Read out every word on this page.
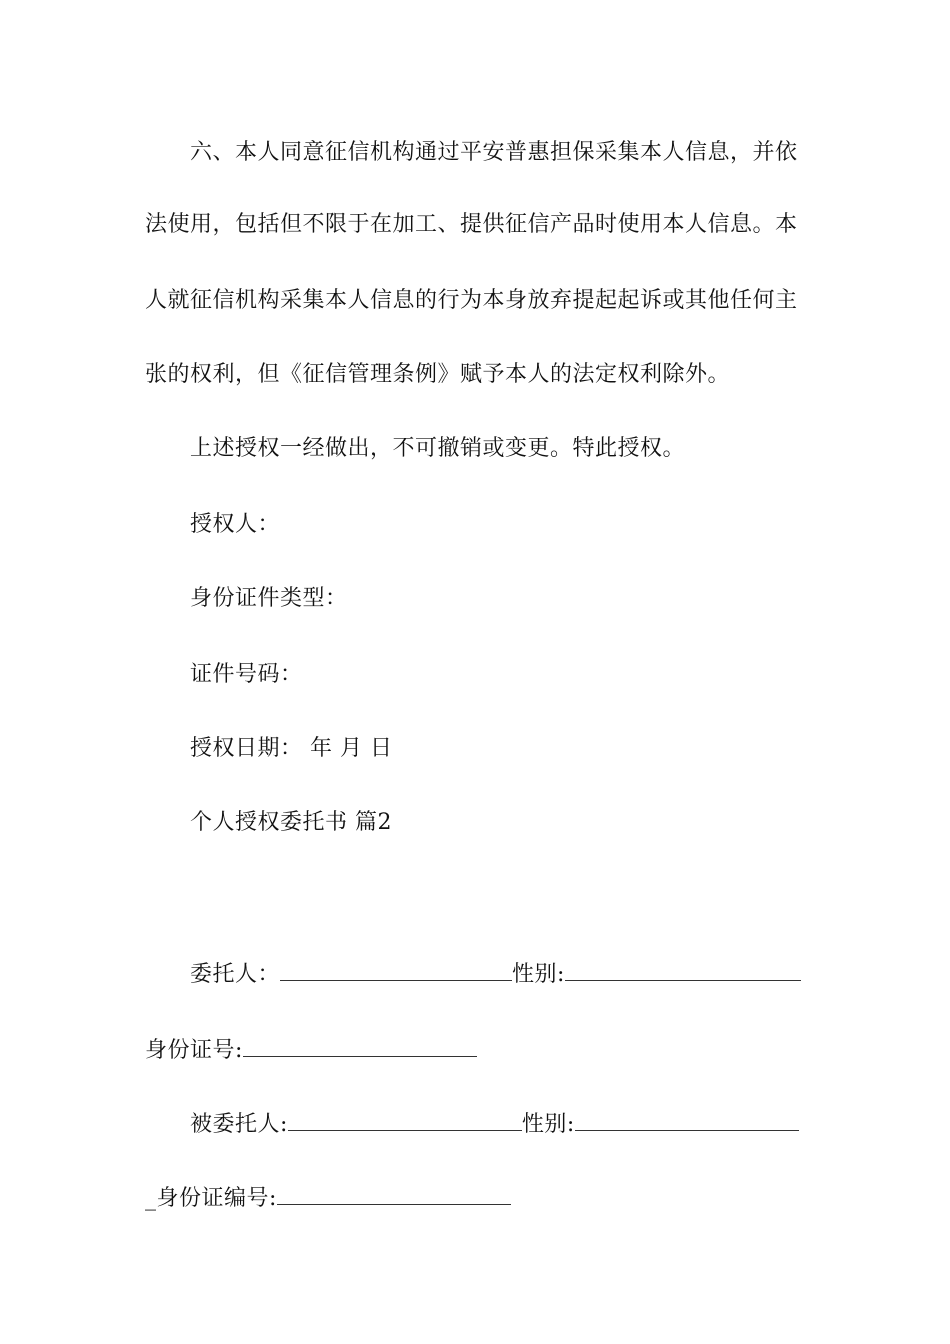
六、本人同意征信机构通过平安普惠担保采集本人信息，并依
法使用，包括但不限于在加工、提供征信产品时使用本人信息。本
人就征信机构采集本人信息的行为本身放弃提起起诉或其他任何主
张的权利，但《征信管理条例》赋予本人的法定权利除外。
上述授权一经做出，不可撤销或变更。特此授权。
授权人：
身份证件类型：
证件号码：
授权日期： 年 月 日
个人授权委托书 篇2
委托人：	性别:
身份证号:
被委托人:	性别:
_身份证编号:
